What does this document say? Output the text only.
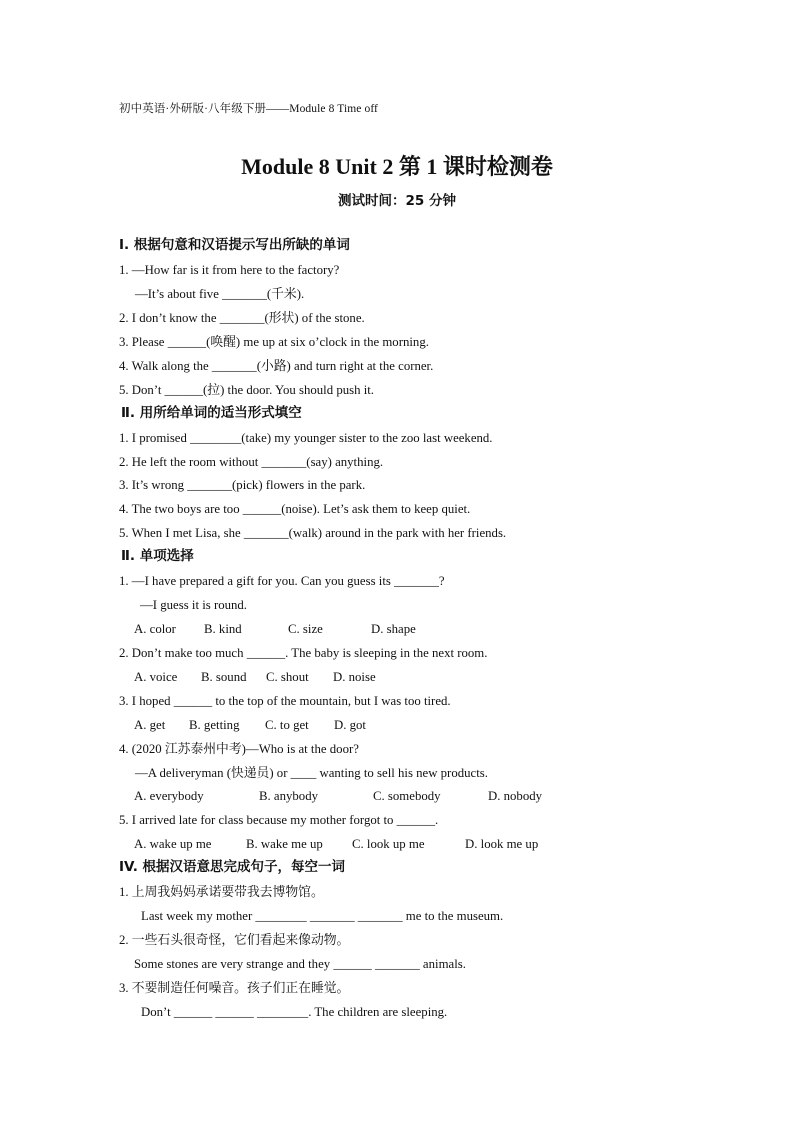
初中英语·外研版·八年级下册——Module 8 Time off
Module 8 Unit 2 第 1 课时检测卷
测试时间：25 分钟
I. 根据句意和汉语提示写出所缺的单词
1. —How far is it from here to the factory?
—It’s about five _______(千米).
2. I don’t know the _______(形状) of the stone.
3. Please ______(唤醒) me up at six o’clock in the morning.
4. Walk along the _______(小路) and turn right at the corner.
5. Don’t ______(拉) the door. You should push it.
Ⅱ. 用所给单词的适当形式填空
1. I promised ________(take) my younger sister to the zoo last weekend.
2. He left the room without _______(say) anything.
3. It’s wrong _______(pick) flowers in the park.
4. The two boys are too ______(noise). Let’s ask them to keep quiet.
5. When I met Lisa, she _______(walk) around in the park with her friends.
Ⅱ. 单项选择
1. —I have prepared a gift for you. Can you guess its _______?
—I guess it is round.
A. color B. kind	C. size	D. shape
2. Don’t make too much ______. The baby is sleeping in the next room.
A. voice B. sound C. shout D. noise
3. I hoped ______ to the top of the mountain, but I was too tired.
A. get B. getting C. to get D. got
4. (2020 江苏泰州中考)—Who is at the door?
—A deliveryman (快递员) or ____ wanting to sell his new products.
A. everybody	B. anybody	C. somebody	D. nobody
5. I arrived late for class because my mother forgot to ______.
A. wake up me	B. wake me up C. look up me	D. look me up
IV. 根据汉语意思完成句子，每空一词
1. 上周我妈妈承诺要带我去博物馆。
Last week my mother ________ _______ _______ me to the museum.
2. 一些石头很奇怪，它们看起来像动物。
Some stones are very strange and they ______ _______ animals.
3. 不要制造任何噪音。孩子们正在睡觉。
Don’t ______ ______ ________. The children are sleeping.
